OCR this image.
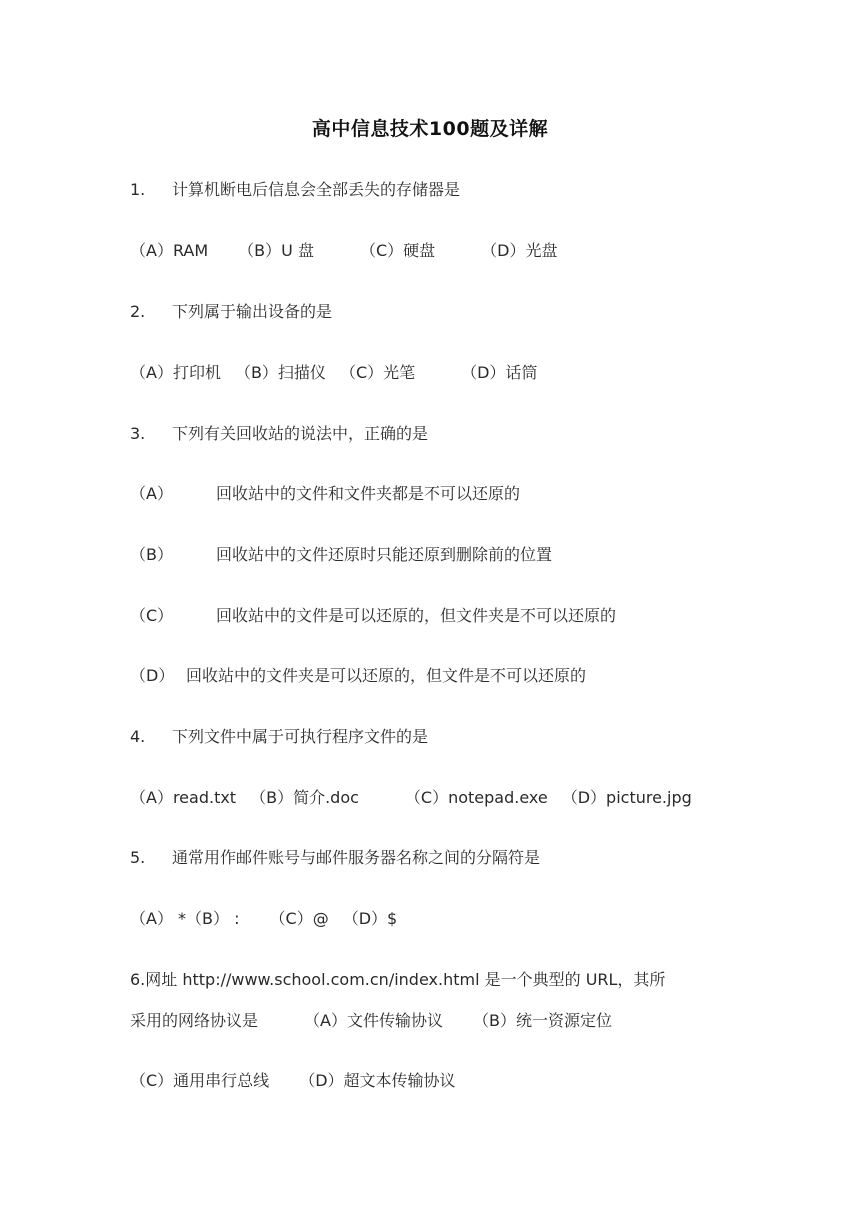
高中信息技术100题及详解
1. 计算机断电后信息会全部丢失的存储器是
（A）RAM （B）U 盘	（C）硬盘	（D）光盘
2. 下列属于输出设备的是
（A）打印机 （B）扫描仪 （C）光笔	（D）话筒
3. 下列有关回收站的说法中，正确的是
（A）	回收站中的文件和文件夹都是不可以还原的
（B）	回收站中的文件还原时只能还原到删除前的位置
（C）	回收站中的文件是可以还原的，但文件夹是不可以还原的
（D） 回收站中的文件夹是可以还原的，但文件是不可以还原的
4. 下列文件中属于可执行程序文件的是
（A）read.txt （B）简介.doc	（C）notepad.exe （D）picture.jpg
5. 通常用作邮件账号与邮件服务器名称之间的分隔符是
（A） *（B） : （C）@ （D）$
6.网址 http://www.school.com.cn/index.html 是一个典型的 URL，其所
采用的网络协议是	（A）文件传输协议 （B）统一资源定位
（C）通用串行总线 （D）超文本传输协议
